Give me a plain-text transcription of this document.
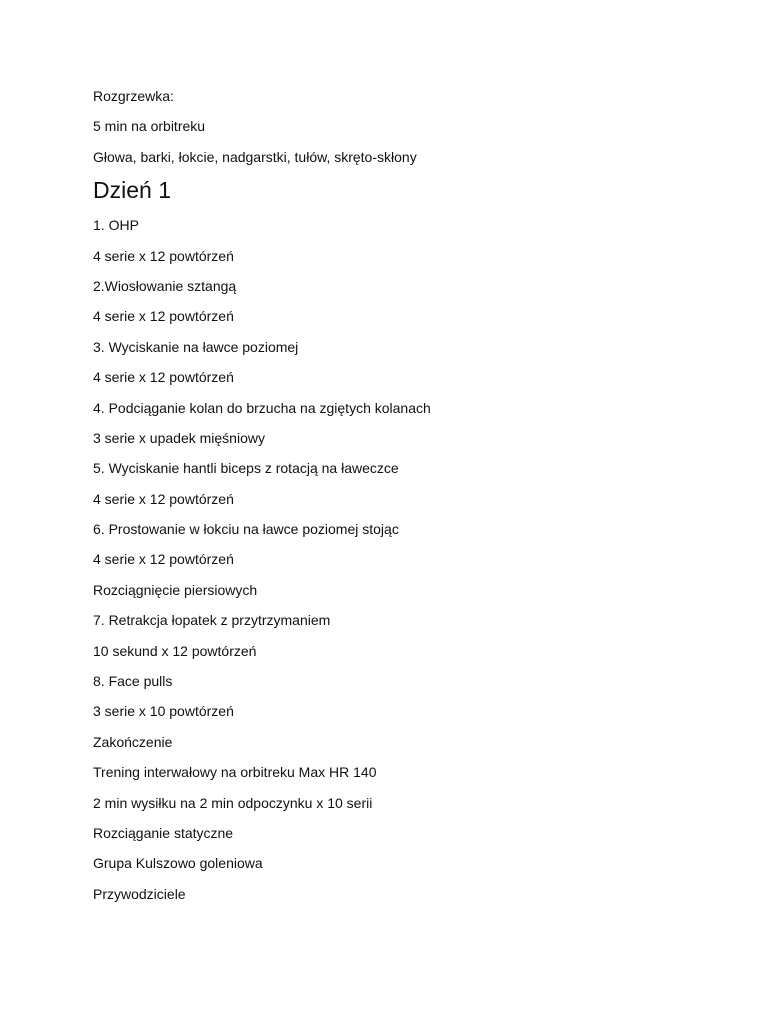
Rozgrzewka:
5 min na orbitreku
Głowa, barki, łokcie, nadgarstki, tułów, skręto-skłony
Dzień 1
1. OHP
4 serie x 12 powtórzeń
2.Wiosłowanie sztangą
4 serie x 12 powtórzeń
3. Wyciskanie na ławce poziomej
4 serie x 12 powtórzeń
4. Podciąganie kolan do brzucha na zgiętych kolanach
3 serie x upadek mięśniowy
5. Wyciskanie hantli biceps z rotacją na ławeczce
4 serie x 12 powtórzeń
6. Prostowanie w łokciu na ławce poziomej stojąc
4 serie x 12 powtórzeń
Rozciągnięcie piersiowych
7. Retrakcja łopatek z przytrzymaniem
10 sekund x 12 powtórzeń
8. Face pulls
3 serie x 10 powtórzeń
Zakończenie
Trening interwałowy na orbitreku Max HR 140
2 min wysiłku na 2 min odpoczynku x 10 serii
Rozciąganie statyczne
Grupa Kulszowo goleniowa
Przywodziciele
